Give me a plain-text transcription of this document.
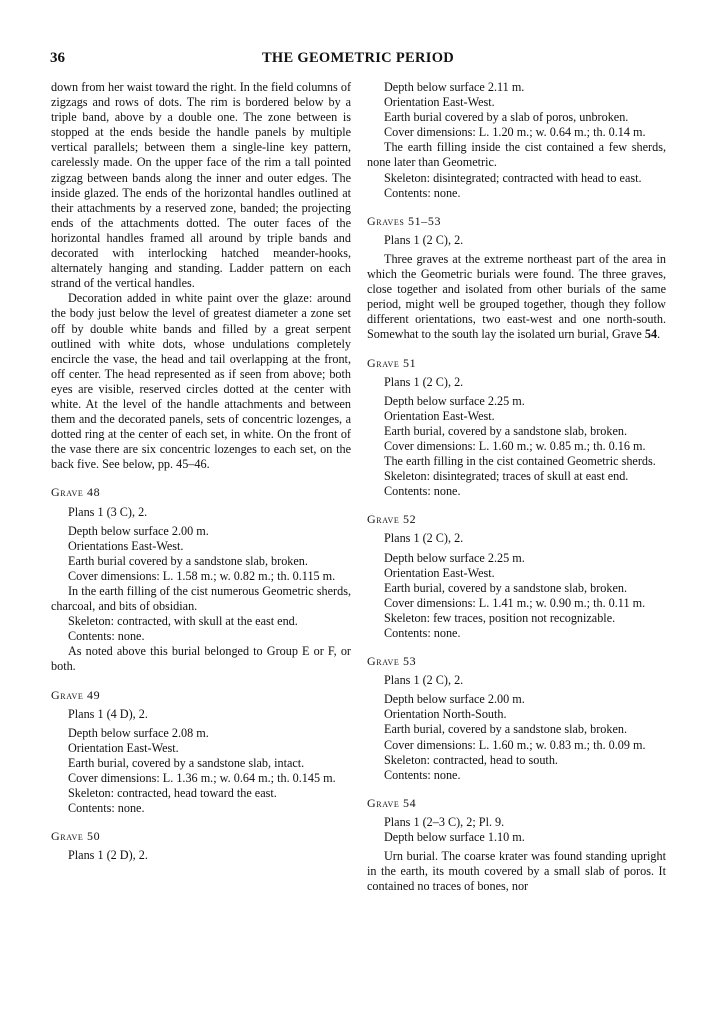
36	THE GEOMETRIC PERIOD

down from her waist toward the right. In the field columns of zigzags and rows of dots. The rim is bordered below by a triple band, above by a double one. The zone between is stopped at the ends beside the handle panels by multiple vertical parallels; between them a single-line key pattern, carelessly made. On the upper face of the rim a tall pointed zigzag between bands along the inner and outer edges. The inside glazed. The ends of the horizontal handles outlined at their attachments by a reserved zone, banded; the projecting ends of the attachments dotted. The outer faces of the horizontal handles framed all around by triple bands and decorated with interlocking hatched meander-hooks, alternately hanging and standing. Ladder pattern on each strand of the vertical handles.

Decoration added in white paint over the glaze: around the body just below the level of greatest diameter a zone set off by double white bands and filled by a great serpent outlined with white dots, whose undulations completely encircle the vase, the head and tail overlapping at the front, off center. The head represented as if seen from above; both eyes are visible, reserved circles dotted at the center with white. At the level of the handle attachments and between them and the decorated panels, sets of concentric lozenges, a dotted ring at the center of each set, in white. On the front of the vase there are six concentric lozenges to each set, on the back five. See below, pp. 45–46.

Grave 48

Plans 1 (3 C), 2.

Depth below surface 2.00 m.

Orientations East-West.

Earth burial covered by a sandstone slab, broken.

Cover dimensions: L. 1.58 m.; w. 0.82 m.; th. 0.115 m.

In the earth filling of the cist numerous Geometric sherds, charcoal, and bits of obsidian.

Skeleton: contracted, with skull at the east end.

Contents: none.

As noted above this burial belonged to Group E or F, or both.

Grave 49

Plans 1 (4 D), 2.

Depth below surface 2.08 m.

Orientation East-West.

Earth burial, covered by a sandstone slab, intact.

Cover dimensions: L. 1.36 m.; w. 0.64 m.; th. 0.145 m.

Skeleton: contracted, head toward the east.

Contents: none.

Grave 50

Plans 1 (2 D), 2.

Depth below surface 2.11 m.

Orientation East-West.

Earth burial covered by a slab of poros, unbroken.

Cover dimensions: L. 1.20 m.; w. 0.64 m.; th. 0.14 m.

The earth filling inside the cist contained a few sherds, none later than Geometric.

Skeleton: disintegrated; contracted with head to east.

Contents: none.

Graves 51–53

Plans 1 (2 C), 2.

Three graves at the extreme northeast part of the area in which the Geometric burials were found. The three graves, close together and isolated from other burials of the same period, might well be grouped together, though they follow different orientations, two east-west and one north-south. Somewhat to the south lay the isolated urn burial, Grave 54.

Grave 51

Plans 1 (2 C), 2.

Depth below surface 2.25 m.

Orientation East-West.

Earth burial, covered by a sandstone slab, broken.

Cover dimensions: L. 1.60 m.; w. 0.85 m.; th. 0.16 m.

The earth filling in the cist contained Geometric sherds.

Skeleton: disintegrated; traces of skull at east end.

Contents: none.

Grave 52

Plans 1 (2 C), 2.

Depth below surface 2.25 m.

Orientation East-West.

Earth burial, covered by a sandstone slab, broken.

Cover dimensions: L. 1.41 m.; w. 0.90 m.; th. 0.11 m.

Skeleton: few traces, position not recognizable.

Contents: none.

Grave 53

Plans 1 (2 C), 2.

Depth below surface 2.00 m.

Orientation North-South.

Earth burial, covered by a sandstone slab, broken.

Cover dimensions: L. 1.60 m.; w. 0.83 m.; th. 0.09 m.

Skeleton: contracted, head to south.

Contents: none.

Grave 54

Plans 1 (2–3 C), 2; Pl. 9.

Depth below surface 1.10 m.

Urn burial. The coarse krater was found standing upright in the earth, its mouth covered by a small slab of poros. It contained no traces of bones, nor
